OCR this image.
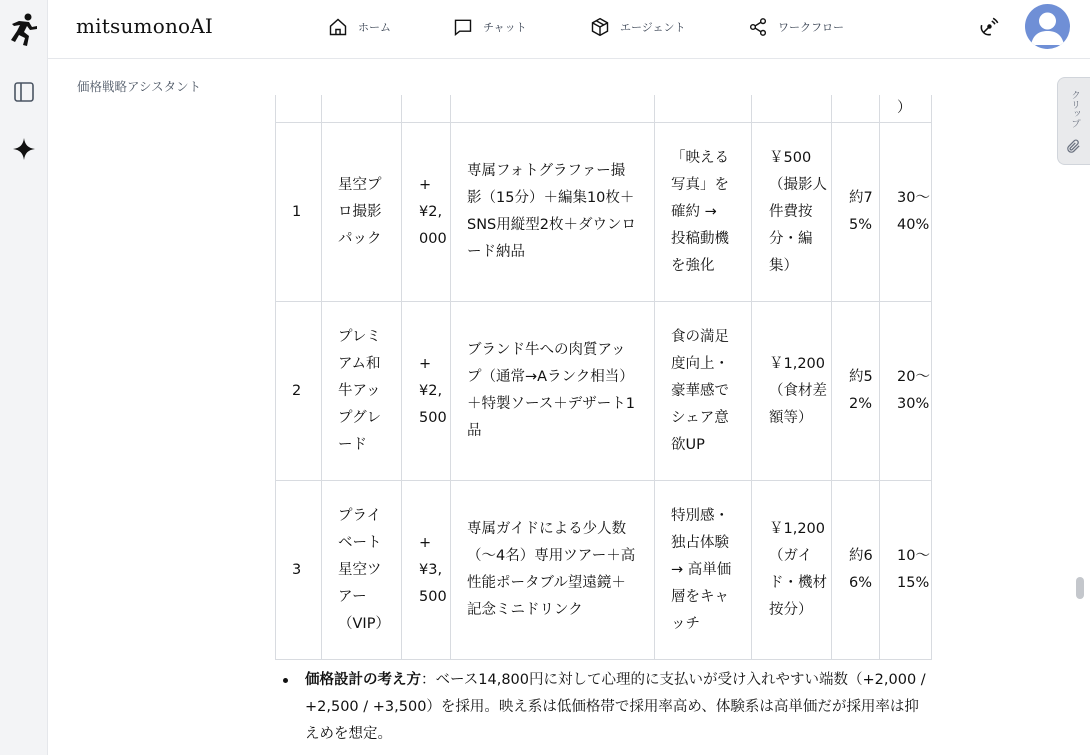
mitsumonoAI	ホーム	チャット	エージェント	ワークフロー
価格戦略アシスタント
							）

1	星空プロ撮影パック	+¥2,000	専属フォトグラファー撮影（15分）＋編集10枚＋SNS用縦型2枚＋ダウンロード納品	「映える写真」を確約 → 投稿動機を強化	￥500（撮影人件費按分・編集）	約75%	30〜40%

2	プレミアム和牛アップグレード	+¥2,500	ブランド牛への肉質アップ（通常→Aランク相当）＋特製ソース＋デザート1品	食の満足度向上・豪華感でシェア意欲UP	￥1,200（食材差額等）	約52%	20〜30%

3	プライベート星空ツアー（VIP）	+¥3,500	専属ガイドによる少人数（〜4名）専用ツアー＋高性能ポータブル望遠鏡＋記念ミニドリンク	特別感・独占体験 → 高単価層をキャッチ	￥1,200（ガイド・機材按分）	約66%	10〜15%
価格設計の考え方：ベース14,800円に対して心理的に支払いが受け入れやすい端数（+2,000 / +2,500 / +3,500）を採用。映え系は低価格帯で採用率高め、体験系は高単価だが採用率は抑えめを想定。
クリップ
